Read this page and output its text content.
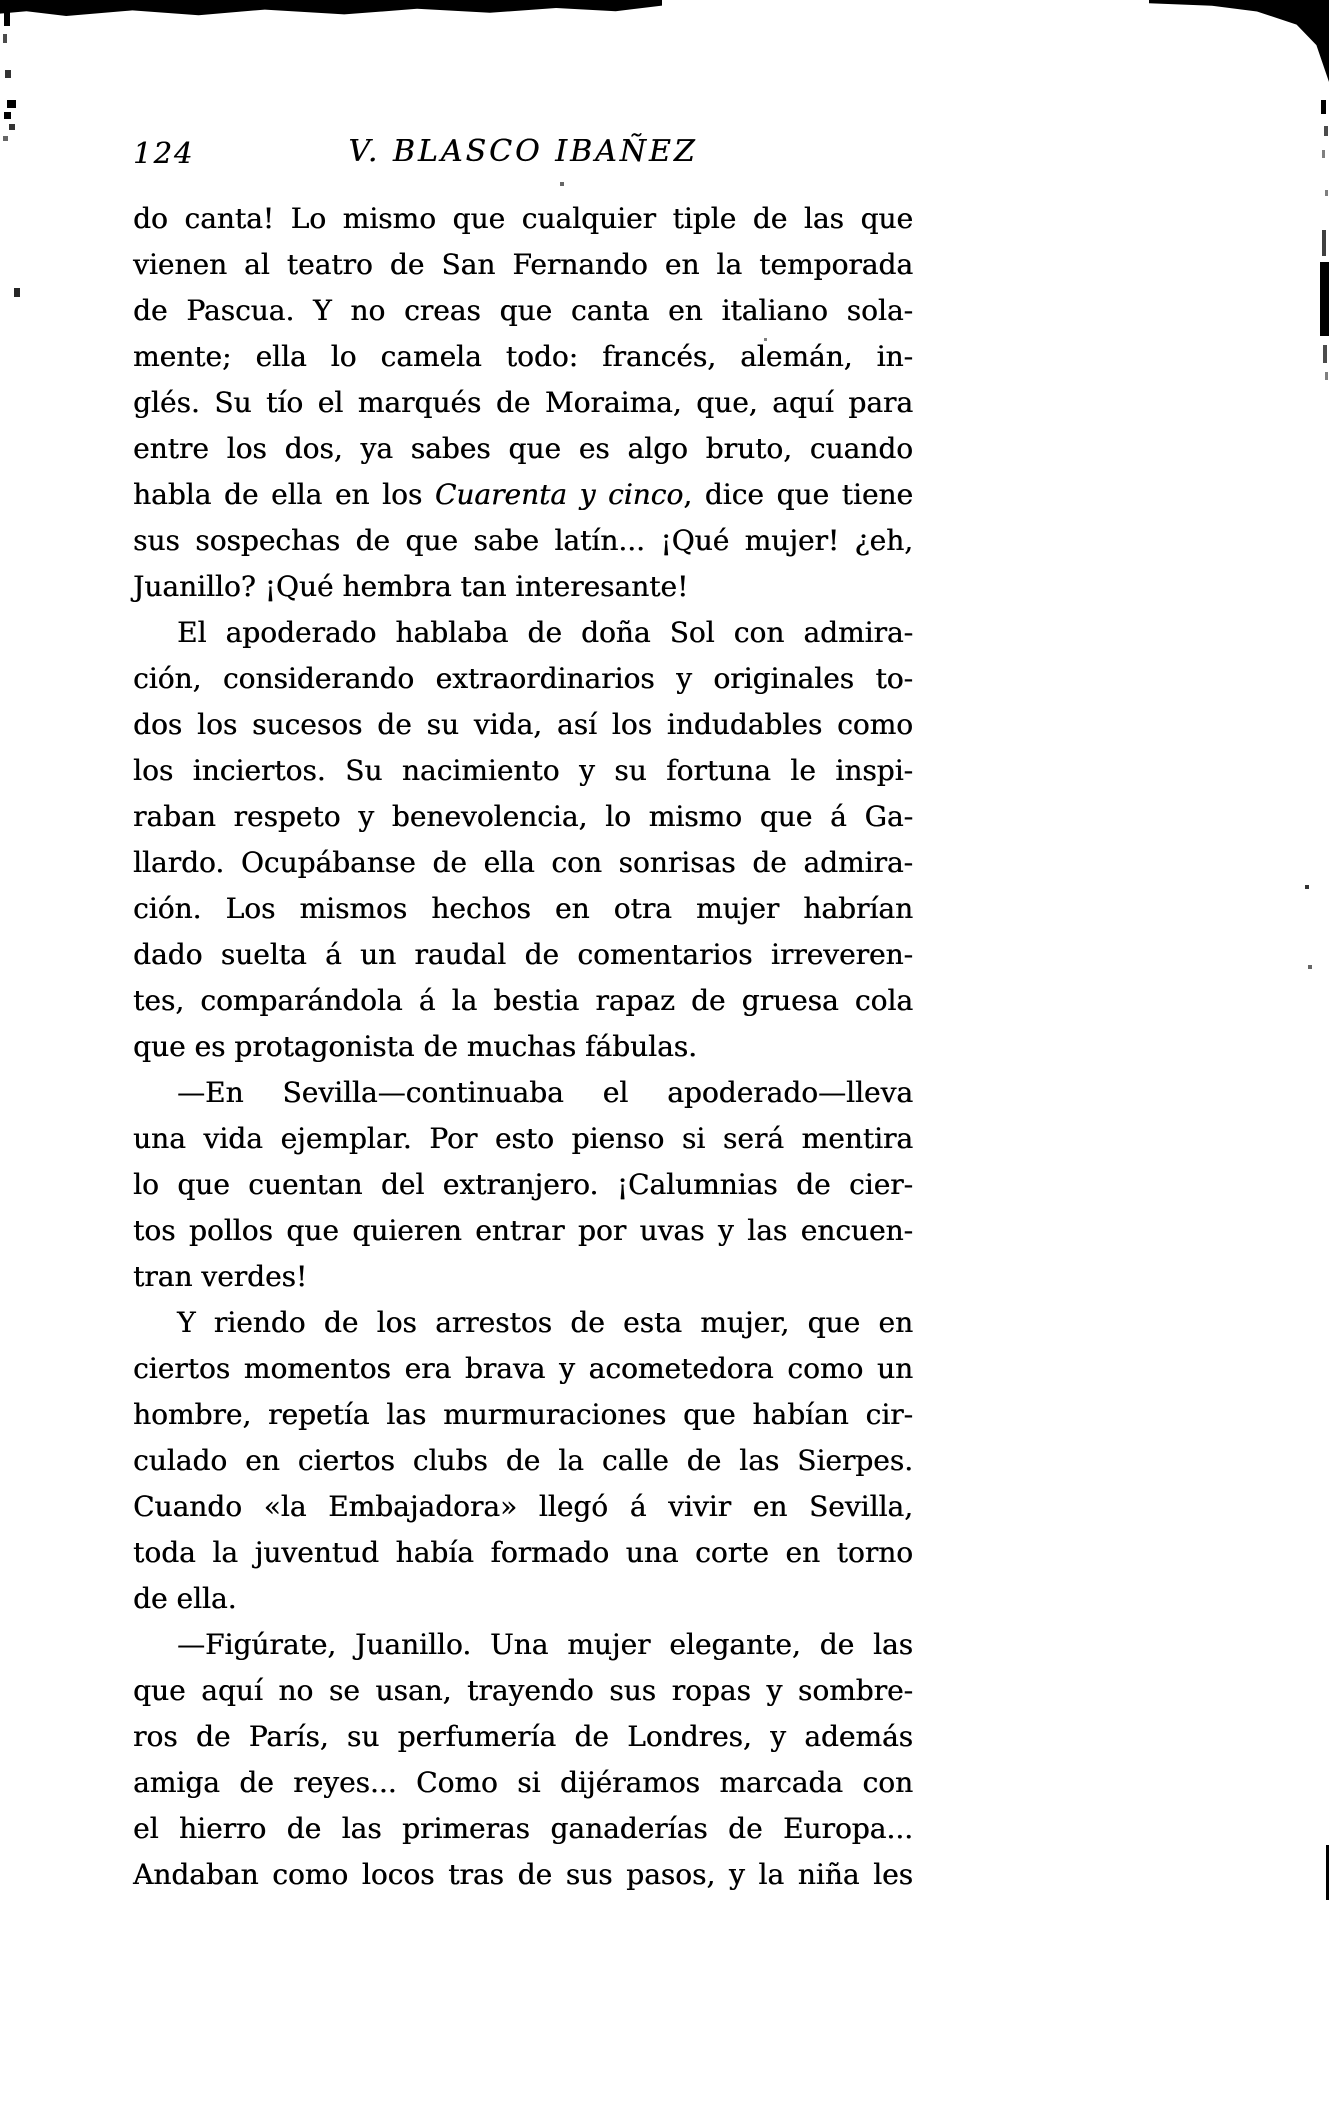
124	V. BLASCO IBAÑEZ
do canta! Lo mismo que cualquier tiple de las que
vienen al teatro de San Fernando en la temporada
de Pascua. Y no creas que canta en italiano sola-
mente; ella lo camela todo: francés, alemán, in-
glés. Su tío el marqués de Moraima, que, aquí para
entre los dos, ya sabes que es algo bruto, cuando
habla de ella en los Cuarenta y cinco, dice que tiene
sus sospechas de que sabe latín... ¡Qué mujer! ¿eh,
Juanillo? ¡Qué hembra tan interesante!
El apoderado hablaba de doña Sol con admira-
ción, considerando extraordinarios y originales to-
dos los sucesos de su vida, así los indudables como
los inciertos. Su nacimiento y su fortuna le inspi-
raban respeto y benevolencia, lo mismo que á Ga-
llardo. Ocupábanse de ella con sonrisas de admira-
ción. Los mismos hechos en otra mujer habrían
dado suelta á un raudal de comentarios irreveren-
tes, comparándola á la bestia rapaz de gruesa cola
que es protagonista de muchas fábulas.
—En Sevilla—continuaba el apoderado—lleva
una vida ejemplar. Por esto pienso si será mentira
lo que cuentan del extranjero. ¡Calumnias de cier-
tos pollos que quieren entrar por uvas y las encuen-
tran verdes!
Y riendo de los arrestos de esta mujer, que en
ciertos momentos era brava y acometedora como un
hombre, repetía las murmuraciones que habían cir-
culado en ciertos clubs de la calle de las Sierpes.
Cuando «la Embajadora» llegó á vivir en Sevilla,
toda la juventud había formado una corte en torno
de ella.
—Figúrate, Juanillo. Una mujer elegante, de las
que aquí no se usan, trayendo sus ropas y sombre-
ros de París, su perfumería de Londres, y además
amiga de reyes... Como si dijéramos marcada con
el hierro de las primeras ganaderías de Europa...
Andaban como locos tras de sus pasos, y la niña les
